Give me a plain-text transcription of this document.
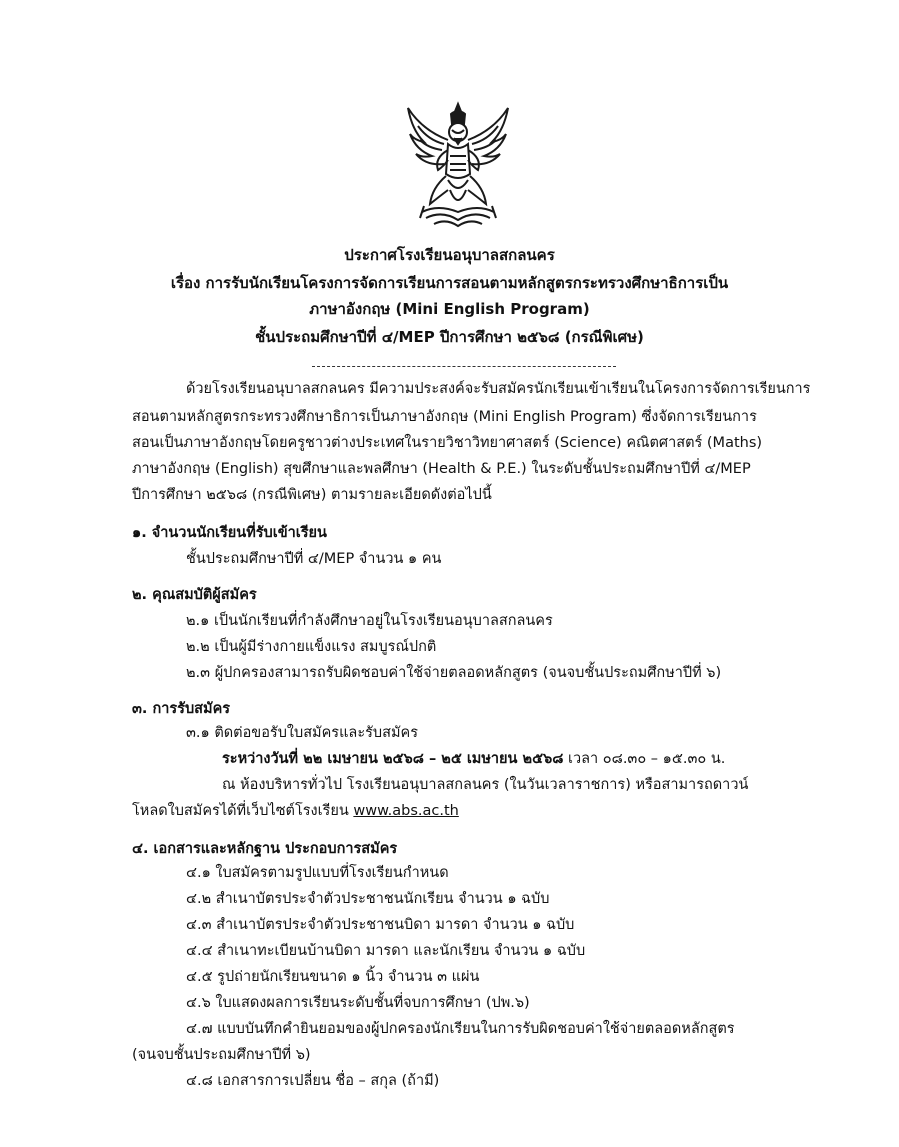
ประกาศโรงเรียนอนุบาลสกลนคร
เรื่อง การรับนักเรียนโครงการจัดการเรียนการสอนตามหลักสูตรกระทรวงศึกษาธิการเป็น
ภาษาอังกฤษ (Mini English Program)
ชั้นประถมศึกษาปีที่ ๔/MEP ปีการศึกษา ๒๕๖๘ (กรณีพิเศษ)
ด้วยโรงเรียนอนุบาลสกลนคร มีความประสงค์จะรับสมัครนักเรียนเข้าเรียนในโครงการจัดการเรียนการ
สอนตามหลักสูตรกระทรวงศึกษาธิการเป็นภาษาอังกฤษ (Mini English Program) ซึ่งจัดการเรียนการ
สอนเป็นภาษาอังกฤษโดยครูชาวต่างประเทศในรายวิชาวิทยาศาสตร์ (Science) คณิตศาสตร์ (Maths)
ภาษาอังกฤษ (English) สุขศึกษาและพลศึกษา (Health & P.E.) ในระดับชั้นประถมศึกษาปีที่ ๔/MEP
ปีการศึกษา ๒๕๖๘ (กรณีพิเศษ) ตามรายละเอียดดังต่อไปนี้
๑. จำนวนนักเรียนที่รับเข้าเรียน
ชั้นประถมศึกษาปีที่ ๔/MEP จำนวน ๑ คน
๒. คุณสมบัติผู้สมัคร
๒.๑ เป็นนักเรียนที่กำลังศึกษาอยู่ในโรงเรียนอนุบาลสกลนคร
๒.๒ เป็นผู้มีร่างกายแข็งแรง สมบูรณ์ปกติ
๒.๓ ผู้ปกครองสามารถรับผิดชอบค่าใช้จ่ายตลอดหลักสูตร (จนจบชั้นประถมศึกษาปีที่ ๖)
๓. การรับสมัคร
๓.๑ ติดต่อขอรับใบสมัครและรับสมัคร
ระหว่างวันที่ ๒๒ เมษายน ๒๕๖๘ – ๒๕ เมษายน ๒๕๖๘ เวลา ๐๘.๓๐ – ๑๕.๓๐ น.
ณ ห้องบริหารทั่วไป โรงเรียนอนุบาลสกลนคร (ในวันเวลาราชการ) หรือสามารถดาวน์
โหลดใบสมัครได้ที่เว็บไซต์โรงเรียน www.abs.ac.th
๔. เอกสารและหลักฐาน ประกอบการสมัคร
๔.๑ ใบสมัครตามรูปแบบที่โรงเรียนกำหนด
๔.๒ สำเนาบัตรประจำตัวประชาชนนักเรียน จำนวน ๑ ฉบับ
๔.๓ สำเนาบัตรประจำตัวประชาชนบิดา มารดา จำนวน ๑ ฉบับ
๔.๔ สำเนาทะเบียนบ้านบิดา มารดา และนักเรียน จำนวน ๑ ฉบับ
๔.๕ รูปถ่ายนักเรียนขนาด ๑ นิ้ว จำนวน ๓ แผ่น
๔.๖ ใบแสดงผลการเรียนระดับชั้นที่จบการศึกษา (ปพ.๖)
๔.๗ แบบบันทึกคำยินยอมของผู้ปกครองนักเรียนในการรับผิดชอบค่าใช้จ่ายตลอดหลักสูตร
(จนจบชั้นประถมศึกษาปีที่ ๖)
๔.๘ เอกสารการเปลี่ยน ชื่อ – สกุล (ถ้ามี)
